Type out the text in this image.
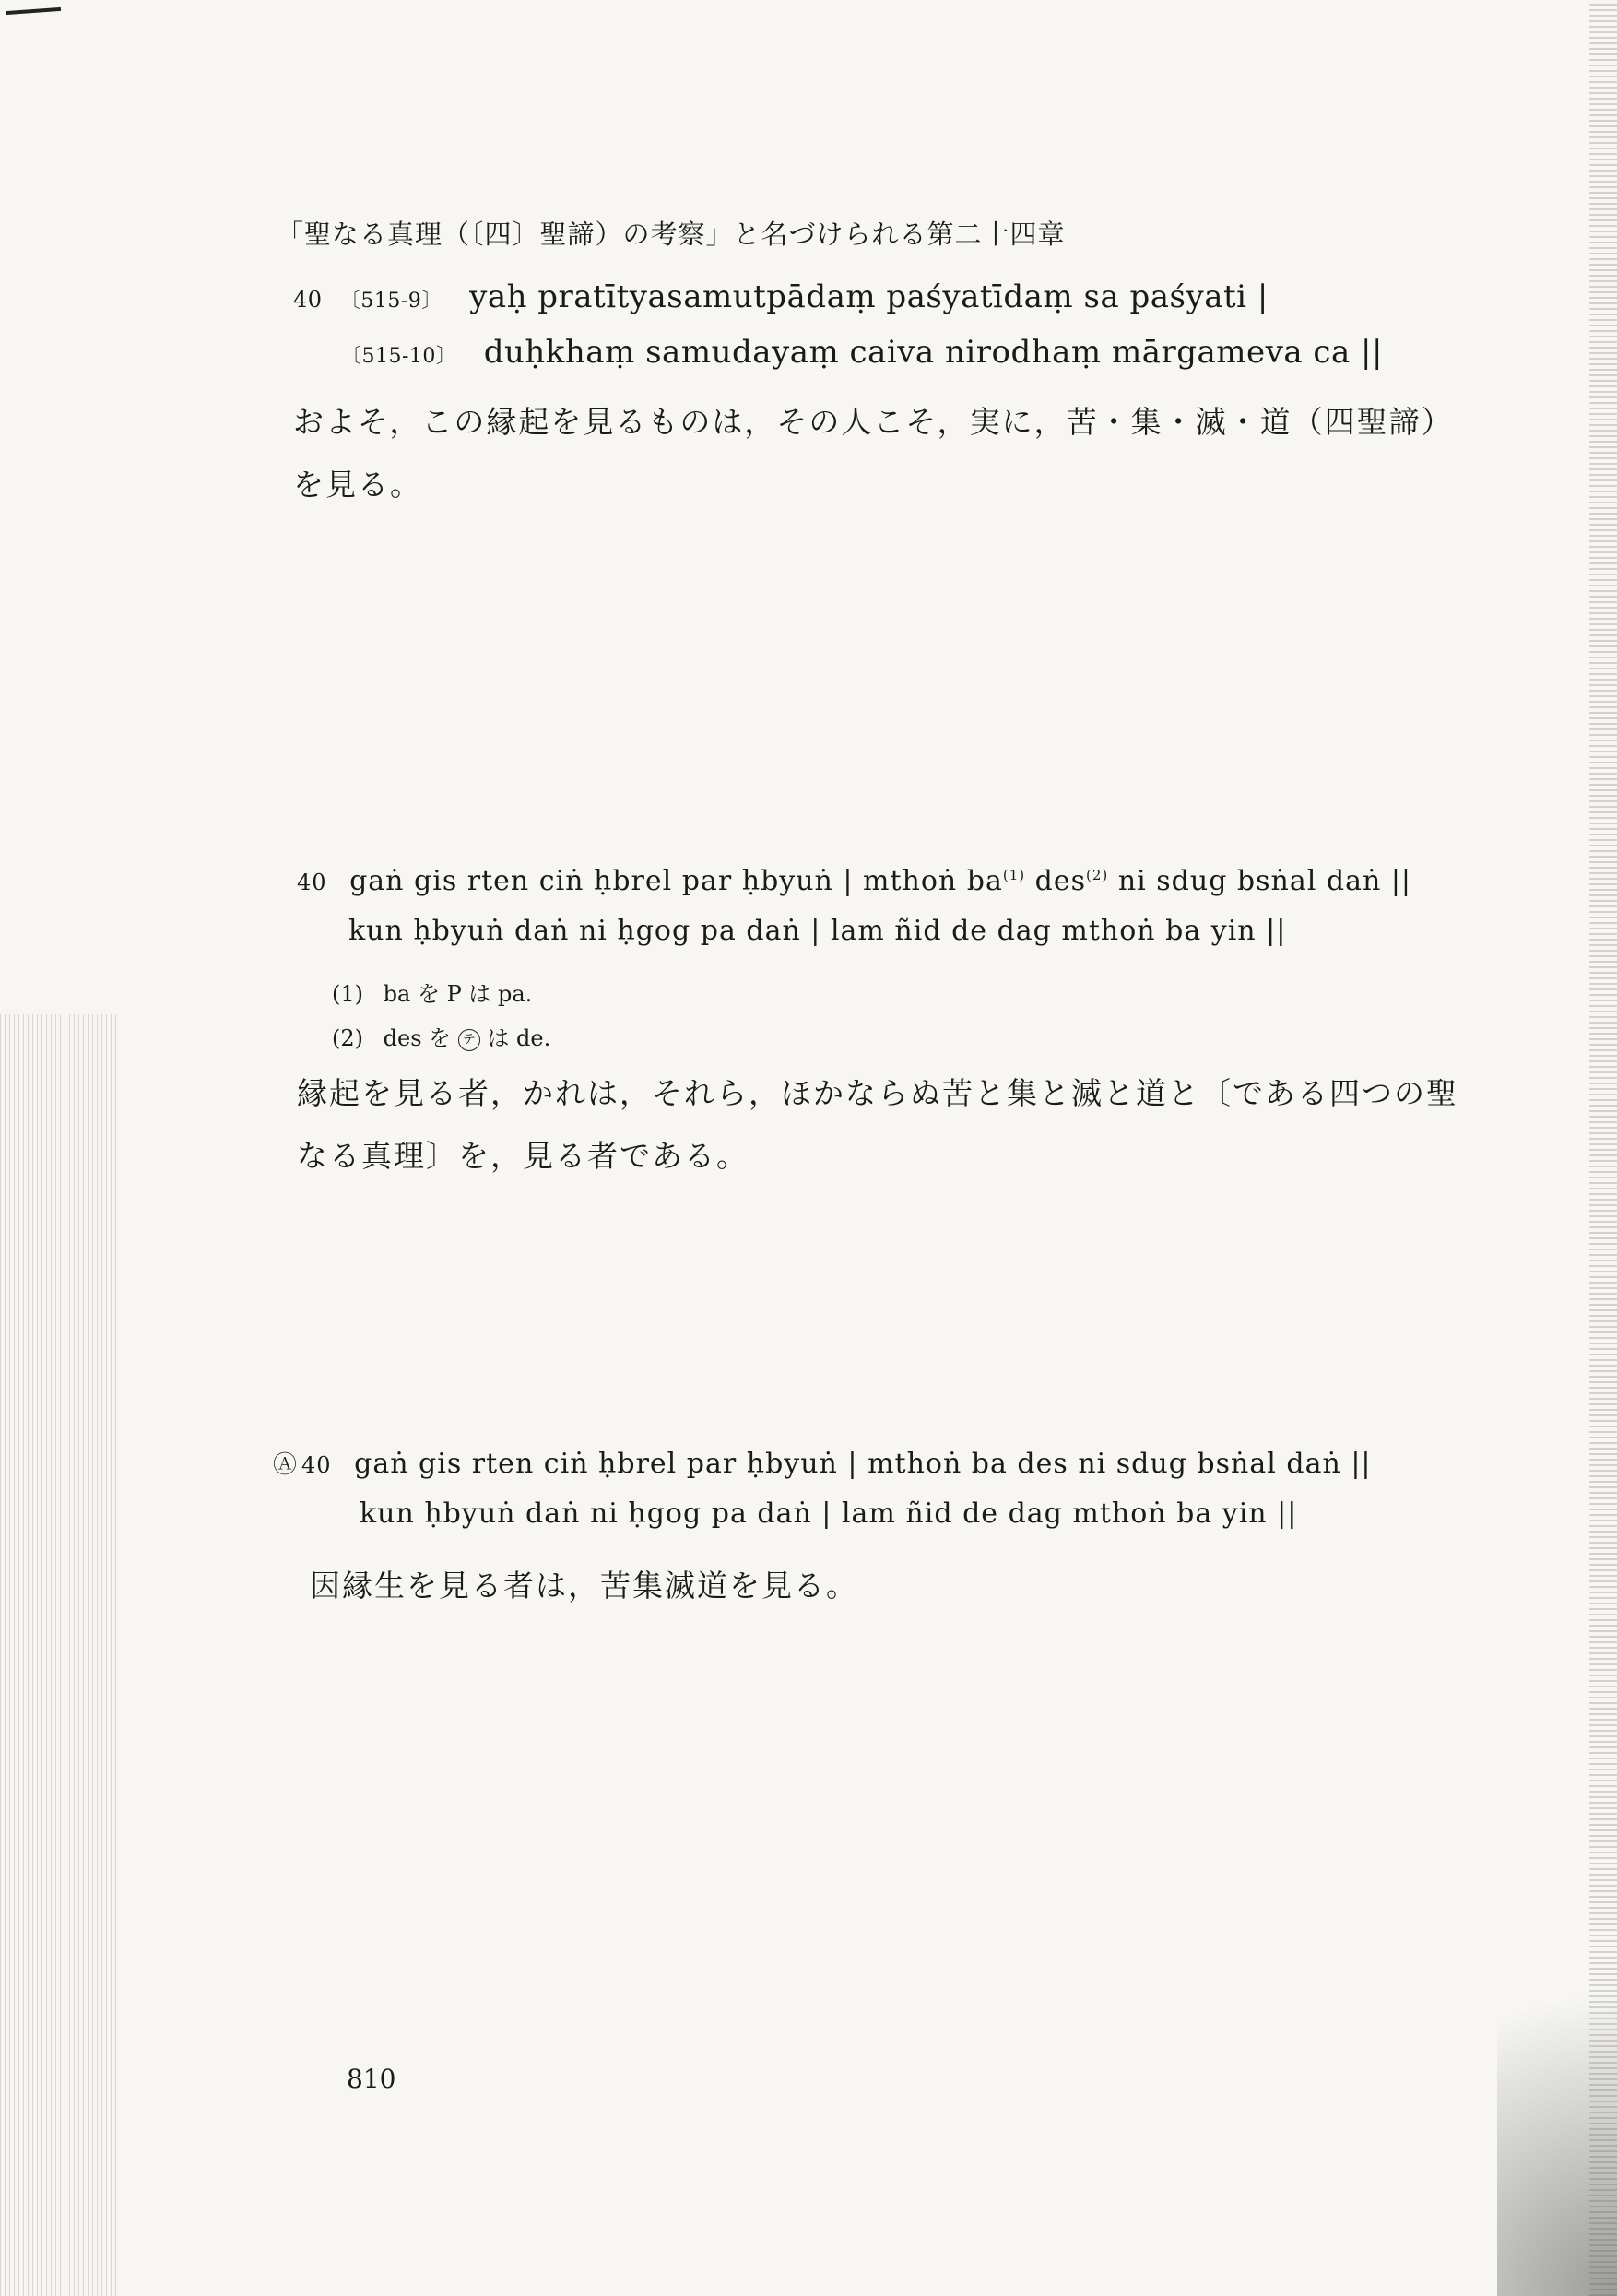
「聖なる真理（〔四〕聖諦）の考察」と名づけられる第二十四章
40 〔515-9〕 yaḥ pratītyasamutpādaṃ paśyatīdaṃ sa paśyati |
〔515-10〕 duḥkhaṃ samudayaṃ caiva nirodhaṃ mārgameva ca ||
およそ，この縁起を見るものは，その人こそ，実に，苦・集・滅・道（四聖諦）
を見る。
40 gaṅ gis rten ciṅ ḥbrel par ḥbyuṅ | mthoṅ $ba^{(1)}$ des$^{(2)}$ ni sdug bsṅal daṅ ||
kun ḥbyuṅ daṅ ni ḥgog pa daṅ | lam ñid de dag mthoṅ ba yin ||
(1) ba を P は pa.
(2) des を テ は de.
縁起を見る者，かれは，それら，ほかならぬ苦と集と滅と道と〔である四つの聖
なる真理〕を，見る者である。
Ⓐ 40 gaṅ gis rten ciṅ ḥbrel par ḥbyuṅ | mthoṅ ba des ni sdug bsṅal daṅ ||
kun ḥbyuṅ daṅ ni ḥgog pa daṅ | lam ñid de dag mthoṅ ba yin ||
因縁生を見る者は，苦集滅道を見る。
810
